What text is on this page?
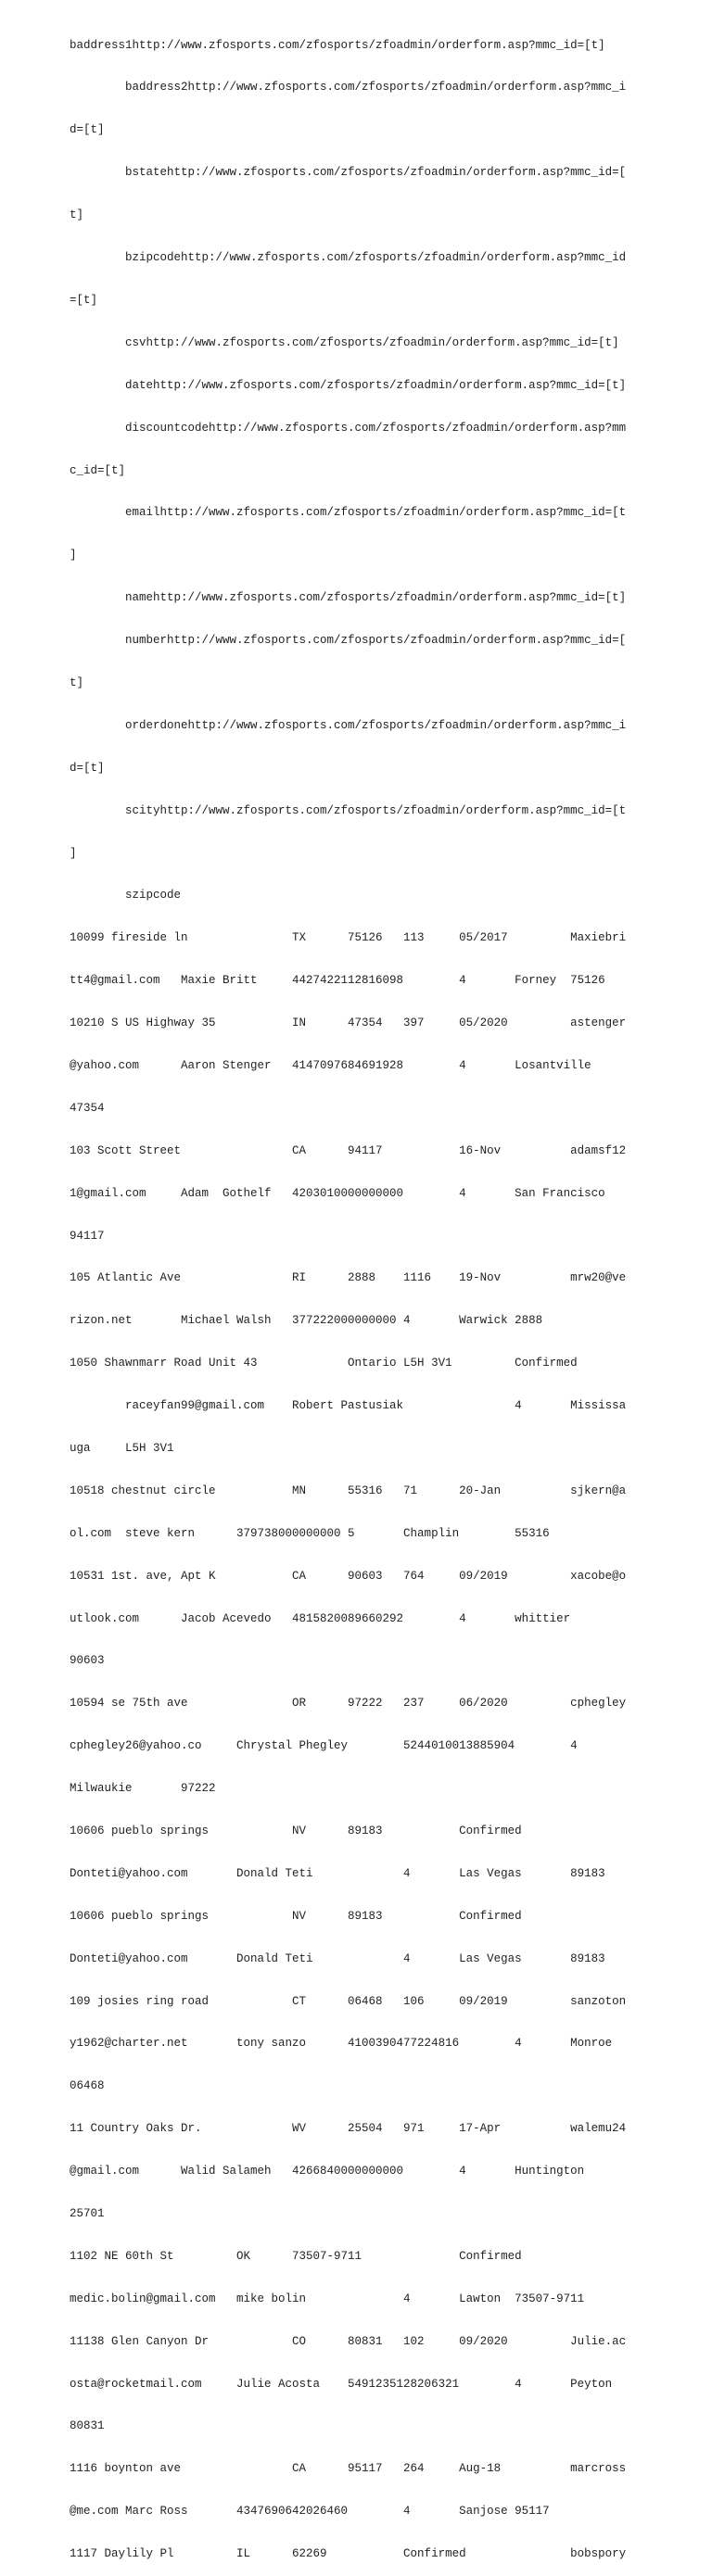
baddress1http://www.zfosports.com/zfosports/zfoadmin/orderform.asp?mmc_id=[t]

baddress2http://www.zfosports.com/zfosports/zfoadmin/orderform.asp?mmc_i

d=[t]

bstatehttp://www.zfosports.com/zfosports/zfoadmin/orderform.asp?mmc_id=[

t]

bzipcodehttp://www.zfosports.com/zfosports/zfoadmin/orderform.asp?mmc_id

=[t]

csvhttp://www.zfosports.com/zfosports/zfoadmin/orderform.asp?mmc_id=[t]

datehttp://www.zfosports.com/zfosports/zfoadmin/orderform.asp?mmc_id=[t]

discountcodehttp://www.zfosports.com/zfosports/zfoadmin/orderform.asp?mm

c_id=[t]

emailhttp://www.zfosports.com/zfosports/zfoadmin/orderform.asp?mmc_id=[t

]

namehttp://www.zfosports.com/zfosports/zfoadmin/orderform.asp?mmc_id=[t]

numberhttp://www.zfosports.com/zfosports/zfoadmin/orderform.asp?mmc_id=[

t]

orderdonehttp://www.zfosports.com/zfosports/zfoadmin/orderform.asp?mmc_i

d=[t]

scityhttp://www.zfosports.com/zfosports/zfoadmin/orderform.asp?mmc_id=[t

]

szipcode

10099 fireside ln               TX      75126   113     05/2017         Maxiebri

tt4@gmail.com   Maxie Britt     4427422112816098        4       Forney  75126

10210 S US Highway 35           IN      47354   397     05/2020         astenger

@yahoo.com      Aaron Stenger   4147097684691928        4       Losantville

47354

103 Scott Street                CA      94117           16-Nov          adamsf12

1@gmail.com     Adam  Gothelf   4203010000000000        4       San Francisco

94117

105 Atlantic Ave                RI      2888    1116    19-Nov          mrw20@ve

rizon.net       Michael Walsh   377222000000000 4       Warwick 2888

1050 Shawnmarr Road Unit 43             Ontario L5H 3V1         Confirmed

raceyfan99@gmail.com    Robert Pastusiak                4       Mississa

uga     L5H 3V1

10518 chestnut circle           MN      55316   71      20-Jan          sjkern@a

ol.com  steve kern      379738000000000 5       Champlin        55316

10531 1st. ave, Apt K           CA      90603   764     09/2019         xacobe@o

utlook.com      Jacob Acevedo   4815820089660292        4       whittier

90603

10594 se 75th ave               OR      97222   237     06/2020         cphegley

cphegley26@yahoo.co     Chrystal Phegley        5244010013885904        4

Milwaukie       97222

10606 pueblo springs            NV      89183           Confirmed

Donteti@yahoo.com       Donald Teti             4       Las Vegas       89183

10606 pueblo springs            NV      89183           Confirmed

Donteti@yahoo.com       Donald Teti             4       Las Vegas       89183

109 josies ring road            CT      06468   106     09/2019         sanzoton

y1962@charter.net       tony sanzo      4100390477224816        4       Monroe

06468

11 Country Oaks Dr.             WV      25504   971     17-Apr          walemu24

@gmail.com      Walid Salameh   4266840000000000        4       Huntington

25701

1102 NE 60th St         OK      73507-9711              Confirmed

medic.bolin@gmail.com   mike bolin              4       Lawton  73507-9711

11138 Glen Canyon Dr            CO      80831   102     09/2020         Julie.ac

osta@rocketmail.com     Julie Acosta    5491235128206321        4       Peyton

80831

1116 boynton ave                CA      95117   264     Aug-18          marcross

@me.com Marc Ross       4347690642026460        4       Sanjose 95117

1117 Daylily Pl         IL      62269           Confirmed               bobspory
